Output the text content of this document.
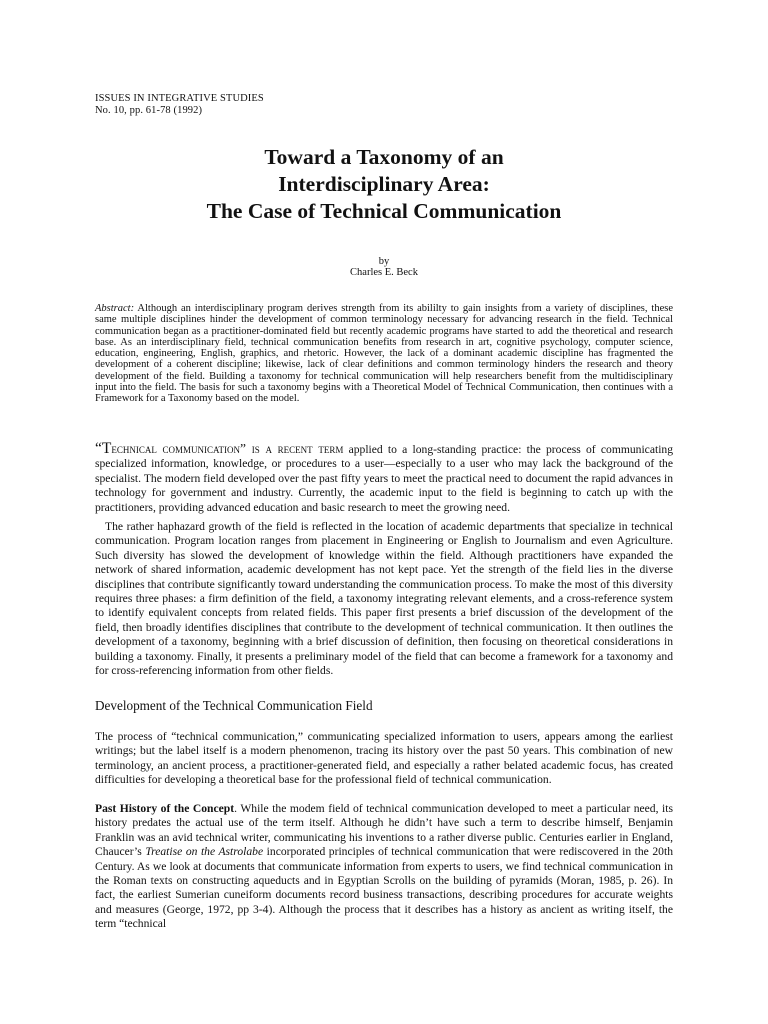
ISSUES IN INTEGRATIVE STUDIES
No. 10, pp. 61-78 (1992)
Toward a Taxonomy of an
Interdisciplinary Area:
The Case of Technical Communication
by
Charles E. Beck

Abstract: Although an interdisciplinary program derives strength from its abililty to gain insights from a variety of disciplines, these same multiple disciplines hinder the development of common terminology necessary for advancing research in the field. Technical communication began as a practitioner-dominated field but recently academic programs have started to add the theoretical and research base. As an interdisciplinary field, technical communication benefits from research in art, cognitive psychology, computer science, education, engineering, English, graphics, and rhetoric. However, the lack of a dominant academic discipline has fragmented the development of a coherent discipline; likewise, lack of clear definitions and common terminology hinders the research and theory development of the field. Building a taxonomy for technical communication will help researchers benefit from the multidisciplinary input into the field. The basis for such a taxonomy begins with a Theoretical Model of Technical Communication, then continues with a Framework for a Taxonomy based on the model.

“Technical communication” is a recent term applied to a long-standing practice: the process of communicating specialized information, knowledge, or procedures to a user—especially to a user who may lack the background of the specialist. The modern field developed over the past fifty years to meet the practical need to document the rapid advances in technology for government and industry. Currently, the academic input to the field is beginning to catch up with the practitioners, providing advanced education and basic research to meet the growing need.

The rather haphazard growth of the field is reflected in the location of academic departments that specialize in technical communication. Program location ranges from placement in Engineering or English to Journalism and even Agriculture. Such diversity has slowed the development of knowledge within the field. Although practitioners have expanded the network of shared information, academic development has not kept pace. Yet the strength of the field lies in the diverse disciplines that contribute significantly toward understanding the communication process. To make the most of this diversity requires three phases: a firm definition of the field, a taxonomy integrating relevant elements, and a cross-reference system to identify equivalent concepts from related fields. This paper first presents a brief discussion of the development of the field, then broadly identifies disciplines that contribute to the development of technical communication. It then outlines the development of a taxonomy, beginning with a brief discussion of definition, then focusing on theoretical considerations in building a taxonomy. Finally, it presents a preliminary model of the field that can become a framework for a taxonomy and for cross-referencing information from other fields.

Development of the Technical Communication Field

The process of “technical communication,” communicating specialized information to users, appears among the earliest writings; but the label itself is a modern phenomenon, tracing its history over the past 50 years. This combination of new terminology, an ancient process, a practitioner-generated field, and especially a rather belated academic focus, has created difficulties for developing a theoretical base for the professional field of technical communication.

Past History of the Concept. While the modem field of technical communication developed to meet a particular need, its history predates the actual use of the term itself. Although he didn’t have such a term to describe himself, Benjamin Franklin was an avid technical writer, communicating his inventions to a rather diverse public. Centuries earlier in England, Chaucer’s Treatise on the Astrolabe incorporated principles of technical communication that were rediscovered in the 20th Century. As we look at documents that communicate information from experts to users, we find technical communication in the Roman texts on constructing aqueducts and in Egyptian Scrolls on the building of pyramids (Moran, 1985, p. 26). In fact, the earliest Sumerian cuneiform documents record business transactions, describing procedures for accurate weights and measures (George, 1972, pp 3-4). Although the process that it describes has a history as ancient as writing itself, the term “technical
